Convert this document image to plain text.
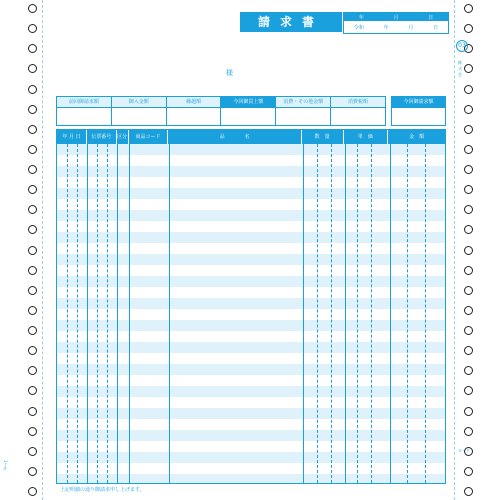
請求書	年	月	日
令和	年	月	日
03
株式会
様
前回御請求額	御入金額	繰越額	今回御買上額	消費・その他金額	消費税額	今回御請求額
年 月 日	伝票番号	区分	商品コード	品　　　　名	数　量	単　価	金　額
上記明細の通り御請求申し上げます。
1ヶ月
ロード
